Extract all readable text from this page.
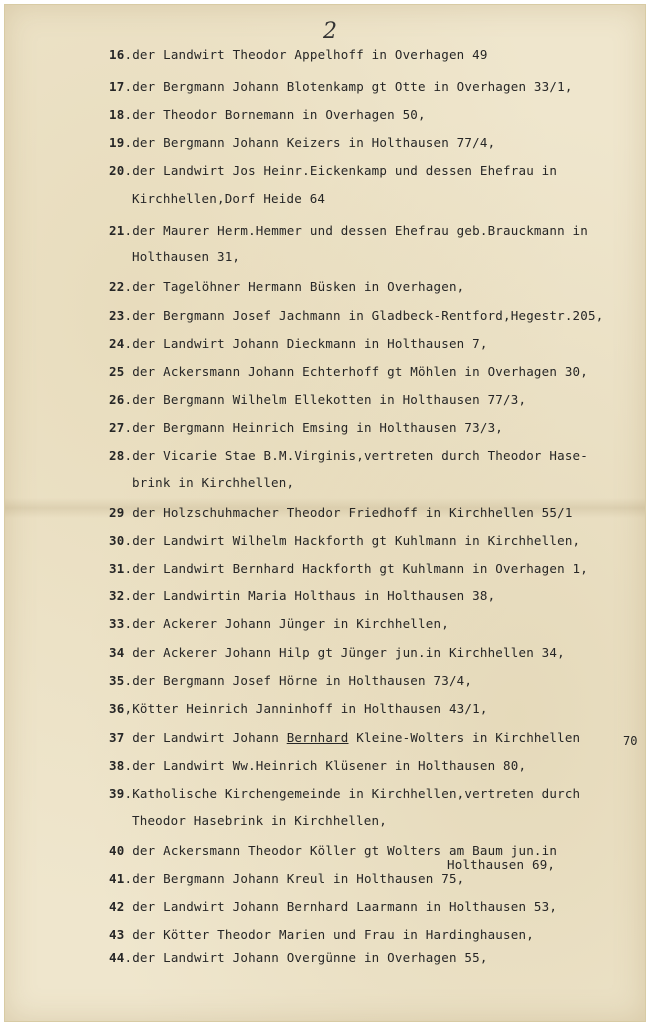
2
16.der Landwirt Theodor Appelhoff in Overhagen 49
17.der Bergmann Johann Blotenkamp gt Otte in Overhagen 33/1,
18.der Theodor Bornemann in Overhagen 50,
19.der Bergmann Johann Keizers in Holthausen 77/4,
20.der Landwirt Jos Heinr.Eickenkamp und dessen Ehefrau in
Kirchhellen,Dorf Heide 64
21.der Maurer Herm.Hemmer und dessen Ehefrau geb.Brauckmann in
Holthausen 31,
22.der Tagelöhner Hermann Büsken in Overhagen,
23.der Bergmann Josef Jachmann in Gladbeck-Rentford,Hegestr.205,
24.der Landwirt Johann Dieckmann in Holthausen 7,
25 der Ackersmann Johann Echterhoff gt Möhlen in Overhagen 30,
26.der Bergmann Wilhelm Ellekotten in Holthausen 77/3,
27.der Bergmann Heinrich Emsing in Holthausen 73/3,
28.der Vicarie Stae B.M.Virginis,vertreten durch Theodor Hase-
brink in Kirchhellen,
29 der Holzschuhmacher Theodor Friedhoff in Kirchhellen 55/1
30.der Landwirt Wilhelm Hackforth gt Kuhlmann in Kirchhellen,
31.der Landwirt Bernhard Hackforth gt Kuhlmann in Overhagen 1,
32.der Landwirtin Maria Holthaus in Holthausen 38,
33.der Ackerer Johann Jünger in Kirchhellen,
34 der Ackerer Johann Hilp gt Jünger jun.in Kirchhellen 34,
35.der Bergmann Josef Hörne in Holthausen 73/4,
36,Kötter Heinrich Janninhoff in Holthausen 43/1,
37 der Landwirt Johann Bernhard Kleine-Wolters in Kirchhellen	70
38.der Landwirt Ww.Heinrich Klüsener in Holthausen 80,
39.Katholische Kirchengemeinde in Kirchhellen,vertreten durch
Theodor Hasebrink in Kirchhellen,
40 der Ackersmann Theodor Köller gt Wolters am Baum jun.in
Holthausen 69,
41.der Bergmann Johann Kreul in Holthausen 75,
42 der Landwirt Johann Bernhard Laarmann in Holthausen 53,
43 der Kötter Theodor Marien und Frau in Hardinghausen,
44.der Landwirt Johann Overgünne in Overhagen 55,
